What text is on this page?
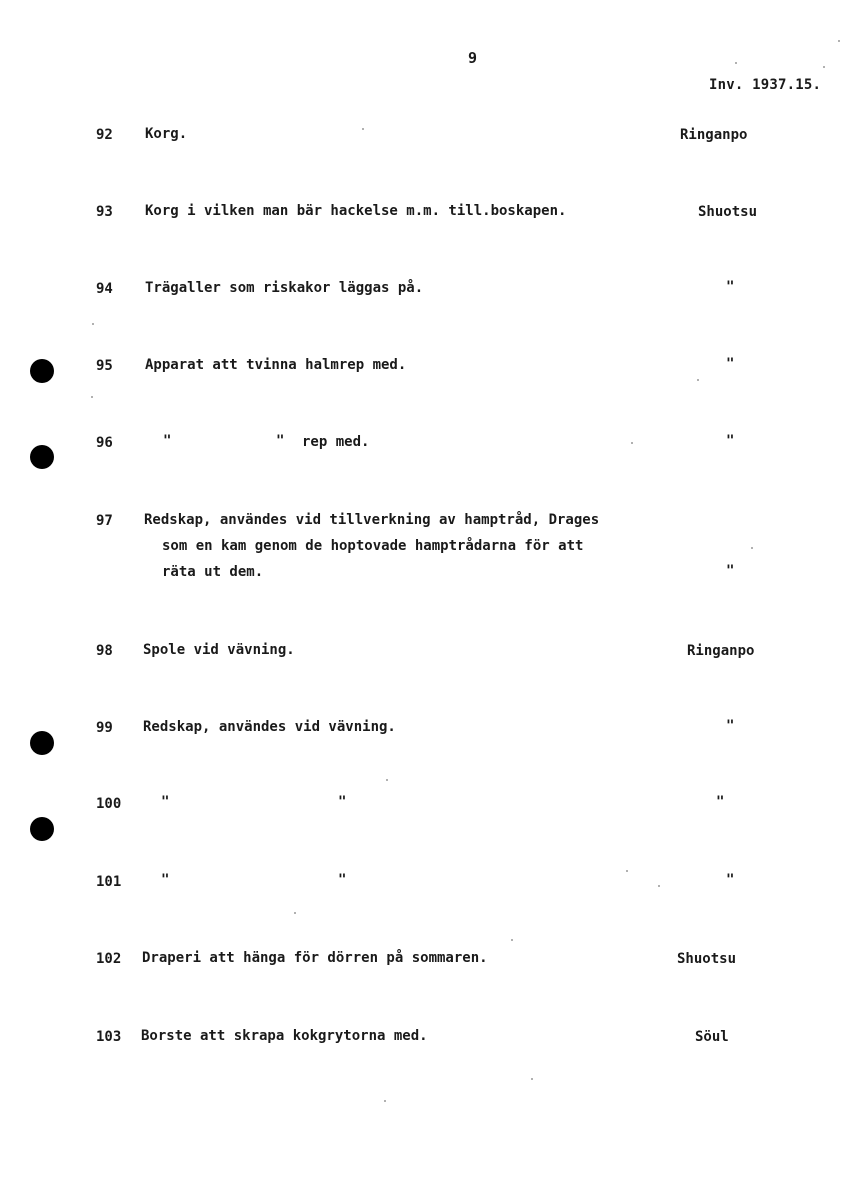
9
Inv. 1937.15.
92 Korg.	Ringanpo
93 Korg i vilken man bär hackelse m.m. till.boskapen.	Shuotsu
94 Trägaller som riskakor läggas på.	"
95 Apparat att tvinna halmrep med.	"
96	"	" rep med.	"
97 Redskap, användes vid tillverkning av hamptråd, Drages
som en kam genom de hoptovade hamptrådarna för att
räta ut dem.	"
98 Spole vid vävning.	Ringanpo
99 Redskap, användes vid vävning.	"
100	"	"	"
101	"	"	"
102 Draperi att hänga för dörren på sommaren.	Shuotsu
103 Borste att skrapa kokgrytorna med.	Söul
